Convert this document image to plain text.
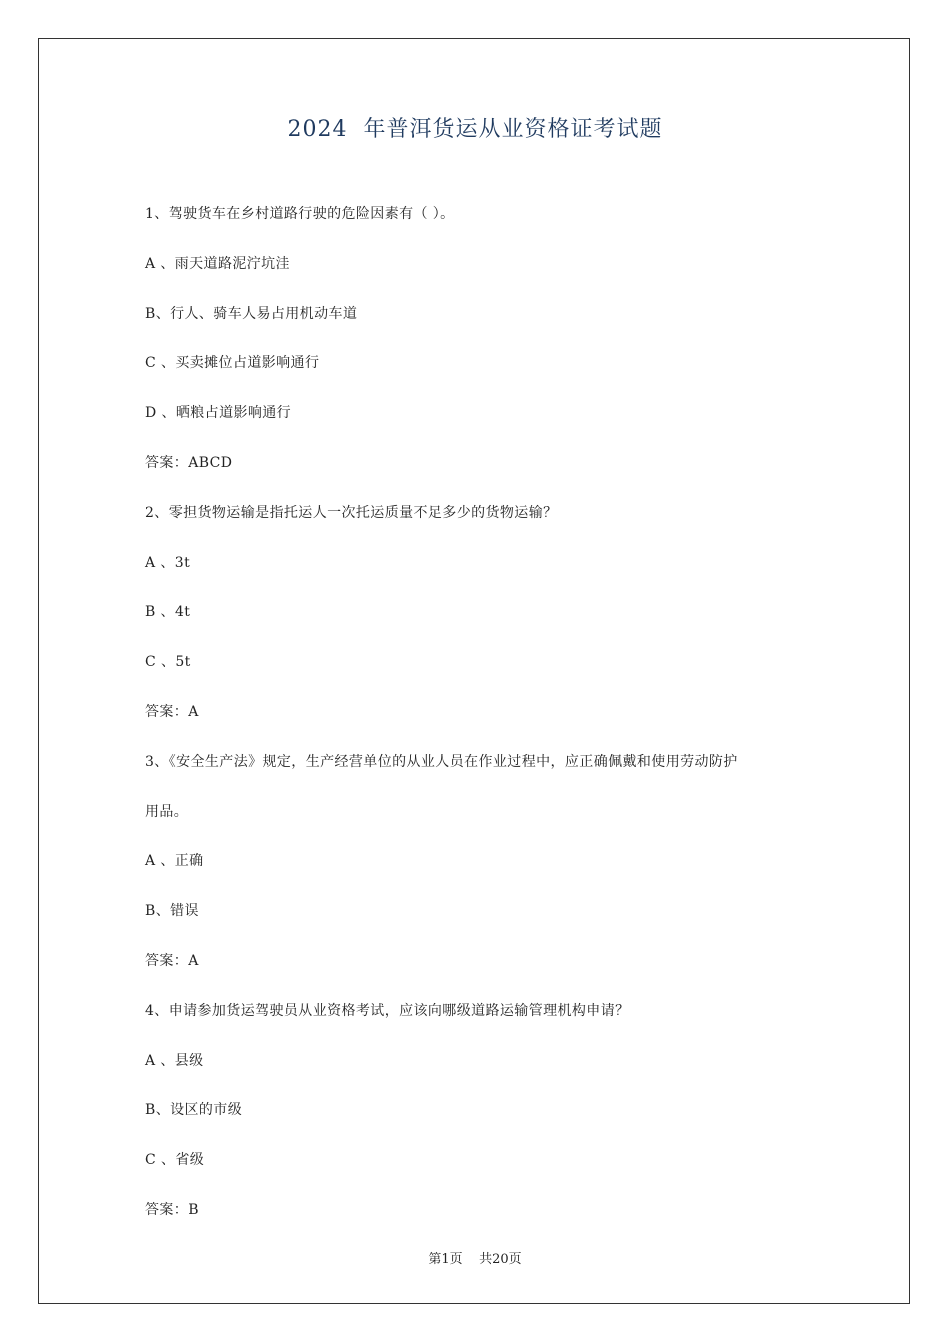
2024  年普洱货运从业资格证考试题
1、驾驶货车在乡村道路行驶的危险因素有（ ）。
A 、雨天道路泥泞坑洼
B、行人、骑车人易占用机动车道
C 、买卖摊位占道影响通行
D 、晒粮占道影响通行
答案：ABCD
2、零担货物运输是指托运人一次托运质量不足多少的货物运输？
A 、3t
B 、4t
C 、5t
答案：A
3、《安全生产法》规定，生产经营单位的从业人员在作业过程中，应正确佩戴和使用劳动防护
用品。
A 、正确
B、错误
答案：A
4、申请参加货运驾驶员从业资格考试，应该向哪级道路运输管理机构申请？
A 、县级
B、设区的市级
C 、省级
答案：B
第1页    共20页
